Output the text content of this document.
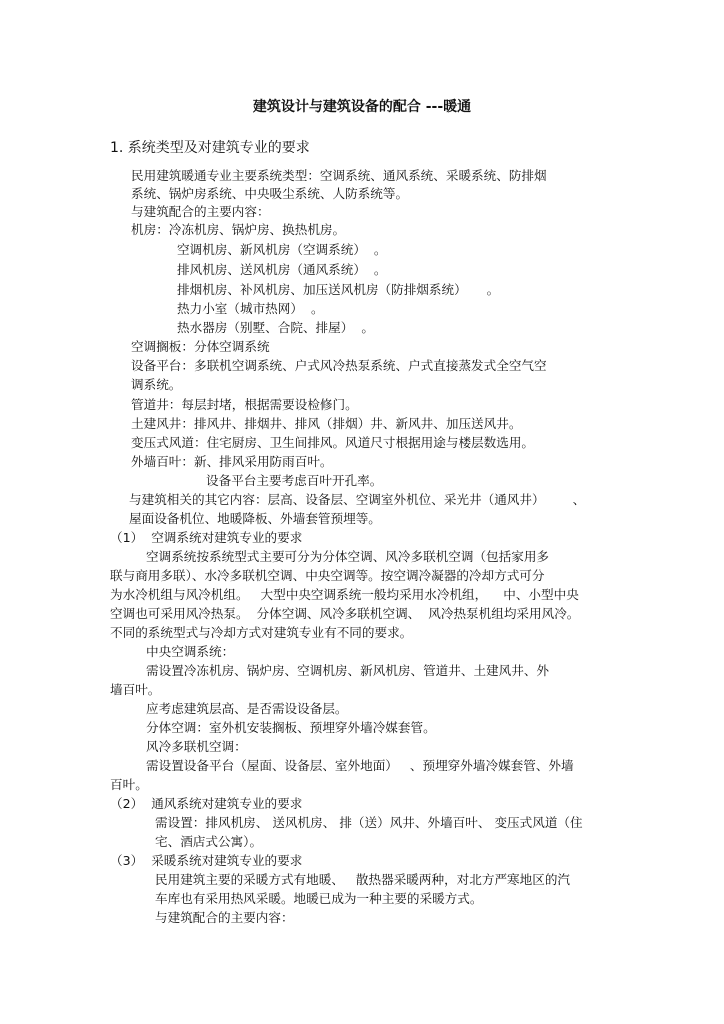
建筑设计与建筑设备的配合 ---暖通
1. 系统类型及对建筑专业的要求
民用建筑暖通专业主要系统类型：空调系统、通风系统、采暖系统、防排烟
系统、锅炉房系统、中央吸尘系统、人防系统等。
与建筑配合的主要内容：
机房：冷冻机房、锅炉房、换热机房。
空调机房、新风机房（空调系统）  。
排风机房、送风机房（通风系统）  。
排烟机房、补风机房、加压送风机房（防排烟系统）     。
热力小室（城市热网）  。
热水器房（别墅、合院、排屋）  。
空调搁板：分体空调系统
设备平台：多联机空调系统、户式风冷热泵系统、户式直接蒸发式全空气空
调系统。
管道井：每层封堵，根据需要设检修门。
土建风井：排风井、排烟井、排风（排烟）井、新风井、加压送风井。
变压式风道：住宅厨房、卫生间排风。风道尺寸根据用途与楼层数选用。
外墙百叶：新、排风采用防雨百叶。
设备平台主要考虑百叶开孔率。
与建筑相关的其它内容：层高、设备层、空调室外机位、采光井（通风井）       、
屋面设备机位、地暖降板、外墙套管预埋等。
（1）  空调系统对建筑专业的要求
空调系统按系统型式主要可分为分体空调、风冷多联机空调（包括家用多
联与商用多联）、水冷多联机空调、中央空调等。按空调冷凝器的冷却方式可分
为水冷机组与风冷机组。   大型中央空调系统一般均采用水冷机组，    中、小型中央
空调也可采用风冷热泵。  分体空调、风冷多联机空调、  风冷热泵机组均采用风冷。
不同的系统型式与冷却方式对建筑专业有不同的要求。
中央空调系统：
需设置冷冻机房、锅炉房、空调机房、新风机房、管道井、土建风井、外
墙百叶。
应考虑建筑层高、是否需设设备层。
分体空调：室外机安装搁板、预埋穿外墙冷媒套管。
风冷多联机空调：
需设置设备平台（屋面、设备层、室外地面）   、预埋穿外墙冷媒套管、外墙
百叶。
（2）  通风系统对建筑专业的要求
需设置：排风机房、 送风机房、 排（送）风井、外墙百叶、 变压式风道（住
宅、酒店式公寓）。
（3）  采暖系统对建筑专业的要求
民用建筑主要的采暖方式有地暖、   散热器采暖两种，对北方严寒地区的汽
车库也有采用热风采暖。地暖已成为一种主要的采暖方式。
与建筑配合的主要内容：
